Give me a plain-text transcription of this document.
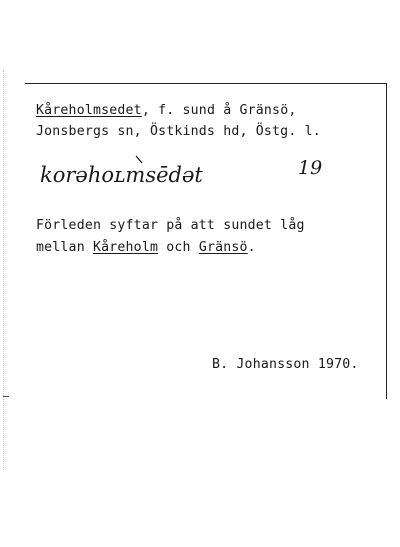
Kåreholmsedet, f. sund å Gränsö,
Jonsbergs sn, Östkinds hd, Östg. l.
korəhoʟmsēdət	19
Förleden syftar på att sundet låg
mellan Kåreholm och Gränsö.
B. Johansson 1970.
